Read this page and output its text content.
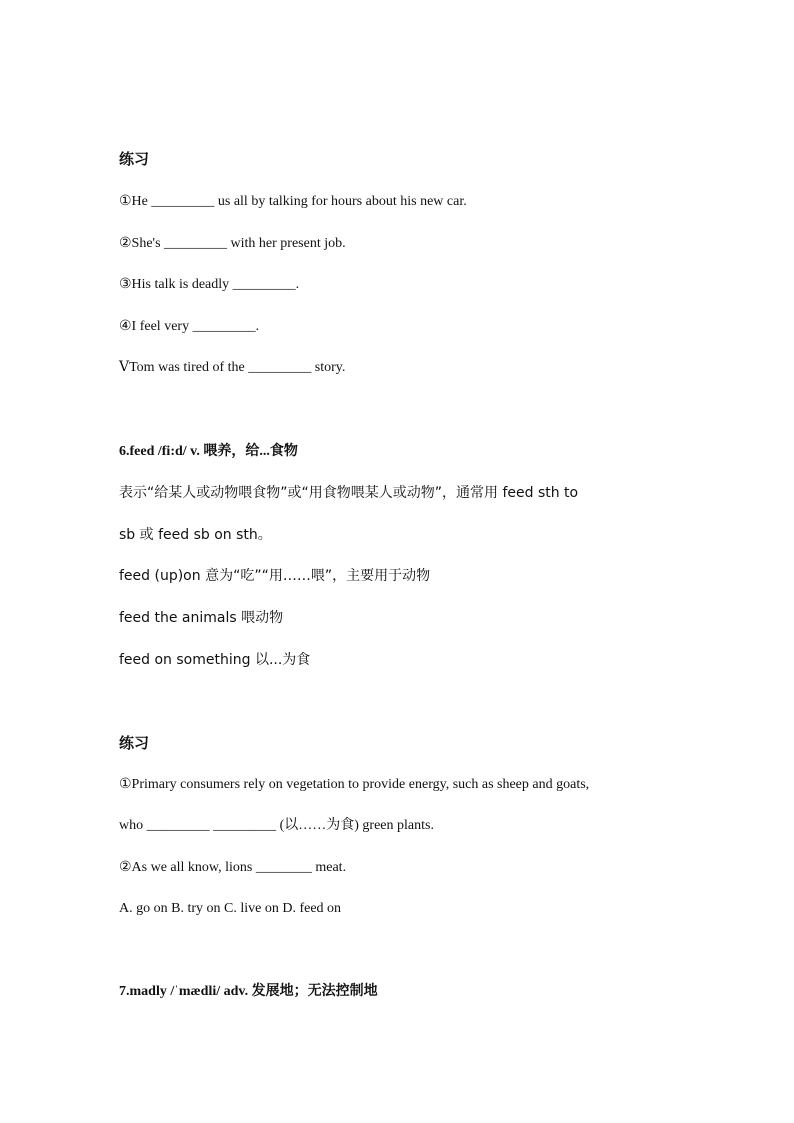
练习
①He _________ us all by talking for hours about his new car.
②She's _________ with her present job.
③His talk is deadly _________.
④I feel very _________.
ⅤTom was tired of the _________ story.
6.feed /fi:d/ v. 喂养，给...食物
表示“给某人或动物喂食物”或“用食物喂某人或动物”，通常用 feed sth to
sb 或 feed sb on sth。
feed (up)on 意为“吃”“用……喂”，主要用于动物
feed the animals 喂动物
feed on something 以...为食
练习
①Primary consumers rely on vegetation to provide energy, such as sheep and goats,
who _________ _________ (以……为食) green plants.
②As we all know, lions ________ meat.
A. go on B. try on C. live on D. feed on
7.madly /ˈmædli/ adv. 发展地；无法控制地
